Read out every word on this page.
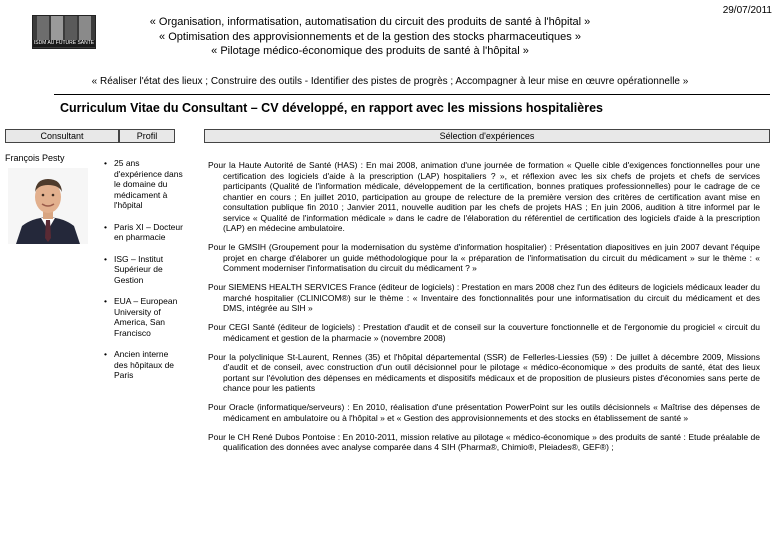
ISDM AU FUTURE SANTÉ
29/07/2011
« Organisation, informatisation, automatisation du circuit des produits de santé à l'hôpital »
« Optimisation des approvisionnements et de la gestion des stocks pharmaceutiques »
« Pilotage médico-économique des produits de santé à l'hôpital »
« Réaliser l'état des lieux ; Construire des outils - Identifier des pistes de progrès ; Accompagner à leur mise en œuvre opérationnelle »
Curriculum Vitae du Consultant – CV développé, en rapport avec les missions hospitalières
Consultant	Profil	Sélection d'expériences
François Pesty
•	25 ans d'expérience dans le domaine du médicament à l'hôpital
• Paris XI – Docteur en pharmacie
• ISG – Institut Supérieur de Gestion
• EUA – European University of America, San Francisco
• Ancien interne des hôpitaux de Paris

Pour la Haute Autorité de Santé (HAS) : En mai 2008, animation d'une journée de formation « Quelle cible d'exigences fonctionnelles pour une certification des logiciels d'aide à la prescription (LAP) hospitaliers ? », et réflexion avec les six chefs de projets et chefs de services participants (Qualité de l'information médicale, développement de la certification, bonnes pratiques professionnelles) pour le cadrage de ce chantier en cours ; En juillet 2010, participation au groupe de relecture de la première version des critères de certification avant mise en consultation publique fin 2010 ; Janvier 2011, nouvelle audition par les chefs de projets HAS ; En juin 2006, audition à titre informel par le service « Qualité de l'information médicale » dans le cadre de l'élaboration du référentiel de certification des logiciels d'aide à la prescription (LAP) en médecine ambulatoire.

Pour le GMSIH (Groupement pour la modernisation du système d'information hospitalier) : Présentation diapositives en juin 2007 devant l'équipe projet en charge d'élaborer un guide méthodologique pour la « préparation de l'informatisation du circuit du médicament » sur le thème : « Comment moderniser l'informatisation du circuit du médicament ? »

Pour SIEMENS HEALTH SERVICES France (éditeur de logiciels) : Prestation en mars 2008 chez l'un des éditeurs de logiciels médicaux leader du marché hospitalier (CLINICOM®) sur le thème : « Inventaire des fonctionnalités pour une informatisation du circuit du médicament et des DMS, intégrée au SIH »

Pour CEGI Santé (éditeur de logiciels) : Prestation d'audit et de conseil sur la couverture fonctionnelle et de l'ergonomie du progiciel « circuit du médicament et gestion de la pharmacie » (novembre 2008)

Pour la polyclinique St-Laurent, Rennes (35) et l'hôpital départemental (SSR) de Fellerles-Liessies (59) : De juillet à décembre 2009, Missions d'audit et de conseil, avec construction d'un outil décisionnel pour le pilotage « médico-économique » des produits de santé, état des lieux portant sur l'évolution des dépenses en médicaments et dispositifs médicaux et de proposition de plusieurs pistes d'économies sans perte de chance pour les patients

Pour Oracle (informatique/serveurs) : En 2010, réalisation d'une présentation PowerPoint sur les outils décisionnels « Maîtrise des dépenses de médicament en ambulatoire ou à l'hôpital » et « Gestion des approvisionnements et des stocks en établissement de santé »

Pour le CH René Dubos Pontoise : En 2010-2011, mission relative au pilotage « médico-économique » des produits de santé : Etude préalable de qualification des données avec analyse comparée dans 4 SIH (Pharma®, Chimio®, Pleiades®, GEF®) ;
